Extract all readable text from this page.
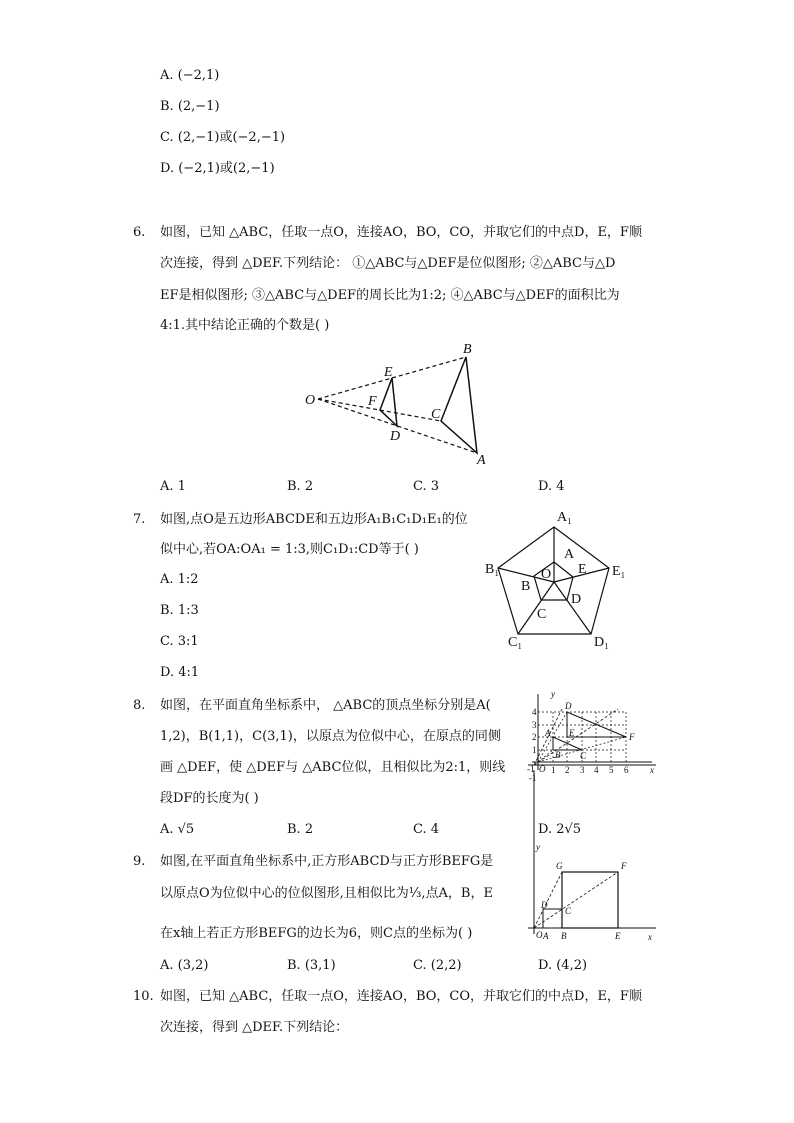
A. (−2,1)
B. (2,−1)
C. (2,−1)或(−2,−1)
D. (−2,1)或(2,−1)
6. 如图，已知 △ABC，任取一点O，连接AO，BO，CO，并取它们的中点D，E，F顺
次连接，得到 △DEF.下列结论： ①△ABC与△DEF是位似图形; ②△ABC与△D
EF是相似图形; ③△ABC与△DEF的周长比为1:2; ④△ABC与△DEF的面积比为
4:1.其中结论正确的个数是( )
O
E
F
D
B
C
A
A. 1	B. 2	C. 3	D. 4
7. 如图,点O是五边形ABCDE和五边形A₁B₁C₁D₁E₁的位
似中心,若OA:OA₁ = 1:3,则C₁D₁:CD等于( )
A. 1:2
B. 1:3
C. 3:1
D. 4:1
A₁
B₁	E₁
C₁	D₁
A
E
O
B
D
C
8. 如图，在平面直角坐标系中， △ABC的顶点坐标分别是A(
1,2)，B(1,1)，C(3,1)，以原点为位似中心，在原点的同侧
画 △DEF，使 △DEF与 △ABC位似，且相似比为2:1，则线
段DF的长度为( )
A. √5	B. 2	C. 4	D. 2√5
y
x
O
-1 1 2 3 4 5 6
-1
1
2
3
4
A
B C
D
E	F
9. 如图,在平面直角坐标系中,正方形ABCD与正方形BEFG是
以原点O为位似中心的位似图形,且相似比为⅓,点A，B，E
在x轴上若正方形BEFG的边长为6，则C点的坐标为( )
A. (3,2)	B. (3,1)	C. (2,2)	D. (4,2)
y
x
O A B	E
D
C
G	F
10. 如图，已知 △ABC，任取一点O，连接AO，BO，CO，并取它们的中点D，E，F顺
次连接，得到 △DEF.下列结论：
